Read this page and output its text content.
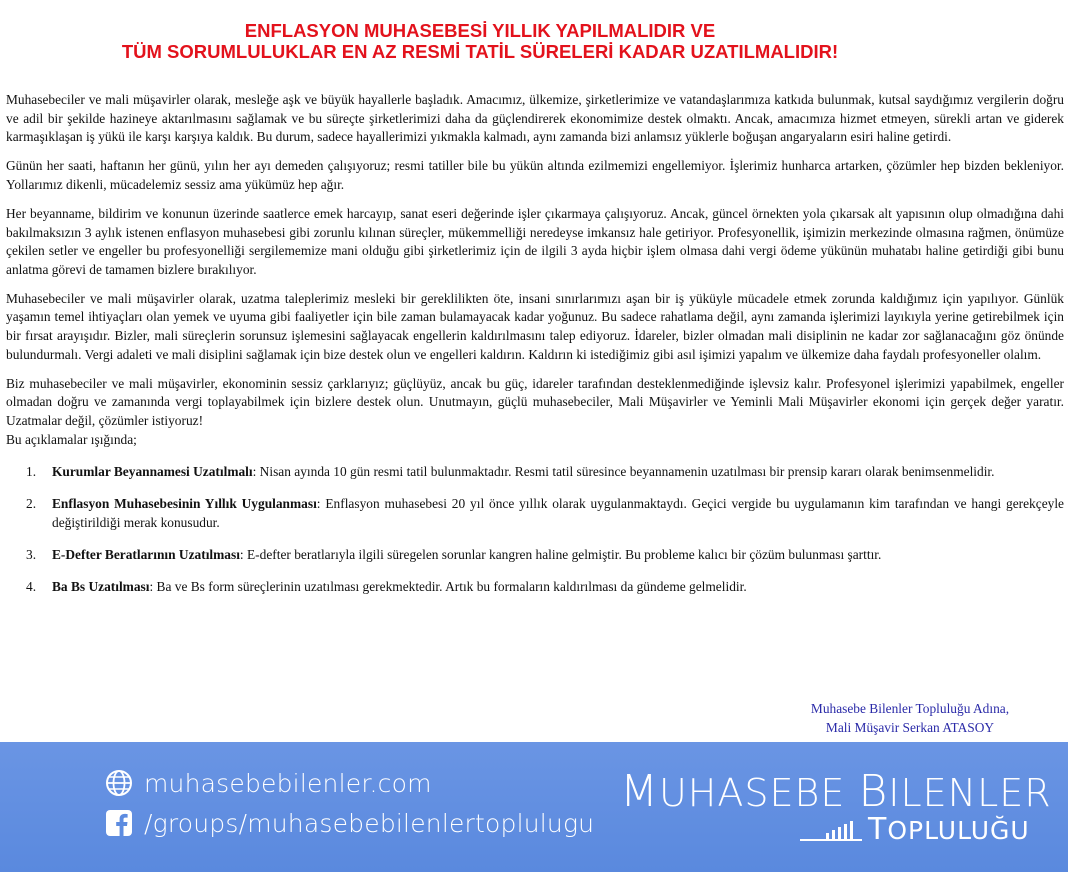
ENFLASYON MUHASEBESİ YILLIK YAPILMALIDIR VE
TÜM SORUMLULUKLAR EN AZ RESMİ TATİL SÜRELERİ KADAR UZATILMALIDIR!

Muhasebeciler ve mali müşavirler olarak, mesleğe aşk ve büyük hayallerle başladık. Amacımız, ülkemize, şirketlerimize ve vatandaşlarımıza katkıda bulunmak, kutsal saydığımız vergilerin doğru ve adil bir şekilde hazineye aktarılmasını sağlamak ve bu süreçte şirketlerimizi daha da güçlendirerek ekonomimize destek olmaktı. Ancak, amacımıza hizmet etmeyen, sürekli artan ve giderek karmaşıklaşan iş yükü ile karşı karşıya kaldık. Bu durum, sadece hayallerimizi yıkmakla kalmadı, aynı zamanda bizi anlamsız yüklerle boğuşan angaryaların esiri haline getirdi.

Günün her saati, haftanın her günü, yılın her ayı demeden çalışıyoruz; resmi tatiller bile bu yükün altında ezilmemizi engellemiyor. İşlerimiz hunharca artarken, çözümler hep bizden bekleniyor. Yollarımız dikenli, mücadelemiz sessiz ama yükümüz hep ağır.

Her beyanname, bildirim ve konunun üzerinde saatlerce emek harcayıp, sanat eseri değerinde işler çıkarmaya çalışıyoruz. Ancak, güncel örnekten yola çıkarsak alt yapısının olup olmadığına dahi bakılmaksızın 3 aylık istenen enflasyon muhasebesi gibi zorunlu kılınan süreçler, mükemmelliği neredeyse imkansız hale getiriyor. Profesyonellik, işimizin merkezinde olmasına rağmen, önümüze çekilen setler ve engeller bu profesyonelliği sergilememize mani olduğu gibi şirketlerimiz için de ilgili 3 ayda hiçbir işlem olmasa dahi vergi ödeme yükünün muhatabı haline getirdiği gibi bunu anlatma görevi de tamamen bizlere bırakılıyor.

Muhasebeciler ve mali müşavirler olarak, uzatma taleplerimiz mesleki bir gereklilikten öte, insani sınırlarımızı aşan bir iş yüküyle mücadele etmek zorunda kaldığımız için yapılıyor. Günlük yaşamın temel ihtiyaçları olan yemek ve uyuma gibi faaliyetler için bile zaman bulamayacak kadar yoğunuz. Bu sadece rahatlama değil, aynı zamanda işlerimizi layıkıyla yerine getirebilmek için bir fırsat arayışıdır. Bizler, mali süreçlerin sorunsuz işlemesini sağlayacak engellerin kaldırılmasını talep ediyoruz. İdareler, bizler olmadan mali disiplinin ne kadar zor sağlanacağını göz önünde bulundurmalı. Vergi adaleti ve mali disiplini sağlamak için bize destek olun ve engelleri kaldırın. Kaldırın ki istediğimiz gibi asıl işimizi yapalım ve ülkemize daha faydalı profesyoneller olalım.

Biz muhasebeciler ve mali müşavirler, ekonominin sessiz çarklarıyız; güçlüyüz, ancak bu güç, idareler tarafından desteklenmediğinde işlevsiz kalır. Profesyonel işlerimizi yapabilmek, engeller olmadan doğru ve zamanında vergi toplayabilmek için bizlere destek olun. Unutmayın, güçlü muhasebeciler, Mali Müşavirler ve Yeminli Mali Müşavirler ekonomi için gerçek değer yaratır. Uzatmalar değil, çözümler istiyoruz!

Bu açıklamalar ışığında;

1. Kurumlar Beyannamesi Uzatılmalı: Nisan ayında 10 gün resmi tatil bulunmaktadır. Resmi tatil süresince beyannamenin uzatılması bir prensip kararı olarak benimsenmelidir.
2. Enflasyon Muhasebesinin Yıllık Uygulanması: Enflasyon muhasebesi 20 yıl önce yıllık olarak uygulanmaktaydı. Geçici vergide bu uygulamanın kim tarafından ve hangi gerekçeyle değiştirildiği merak konusudur.
3. E-Defter Beratlarının Uzatılması: E-defter beratlarıyla ilgili süregelen sorunlar kangren haline gelmiştir. Bu probleme kalıcı bir çözüm bulunması şarttır.
4. Ba Bs Uzatılması: Ba ve Bs form süreçlerinin uzatılması gerekmektedir. Artık bu formaların kaldırılması da gündeme gelmelidir.
Muhasebe Bilenler Topluluğu Adına,
Mali Müşavir Serkan ATASOY
muhasebebilenler.com
/groups/muhasebebilenlertoplulugu
MUHASEBE BILENLER
TOPLULUĞU
